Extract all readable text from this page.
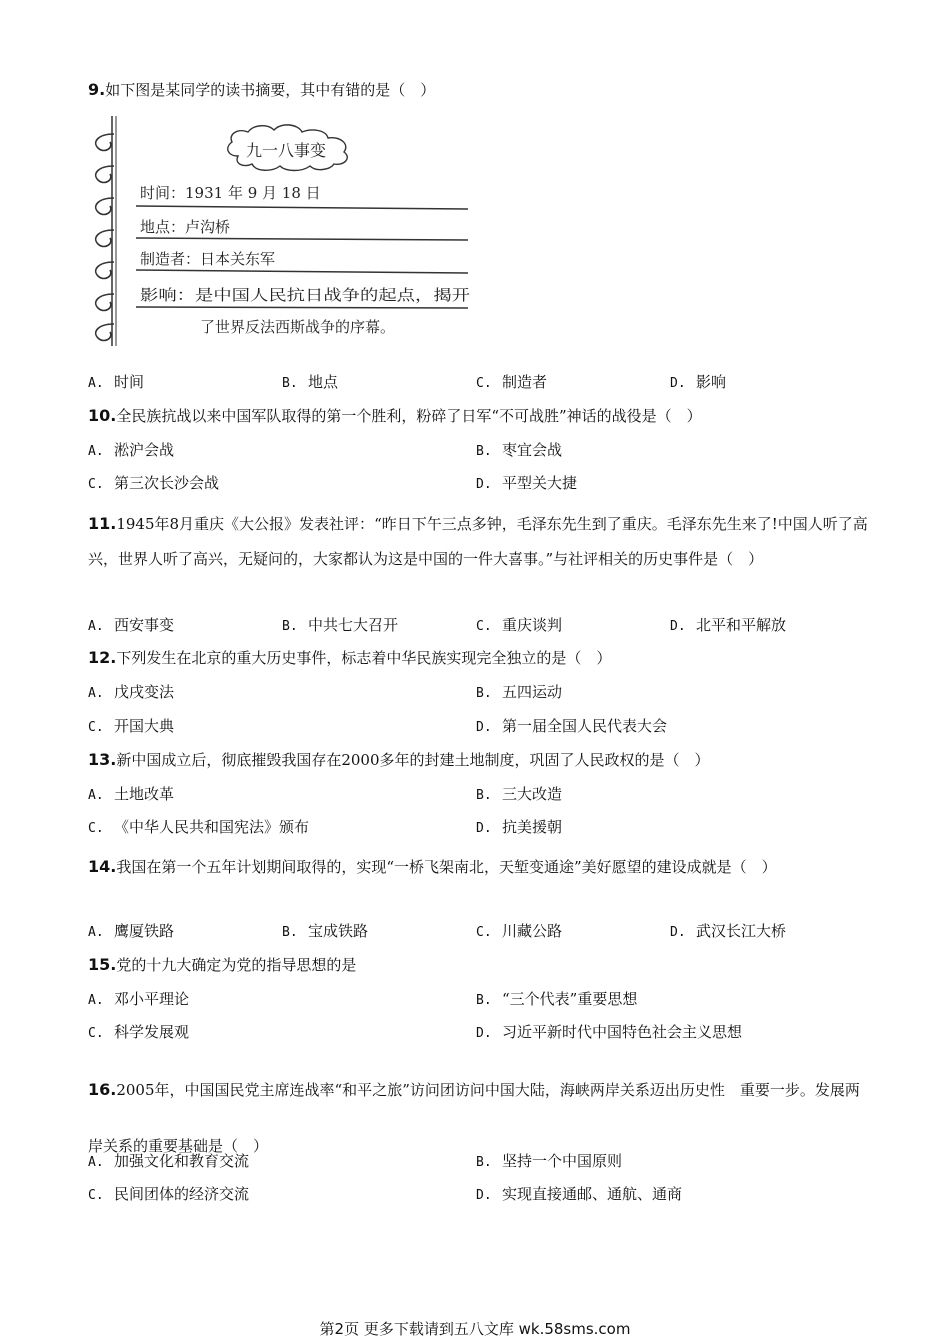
9.如下图是某同学的读书摘要，其中有错的是（　）
九一八事变
时间：1931 年 9 月 18 日
地点：卢沟桥
制造者：日本关东军
影响：是中国人民抗日战争的起点，揭开
了世界反法西斯战争的序幕。
A. 时间	B. 地点	C. 制造者	D. 影响
10.全民族抗战以来中国军队取得的第一个胜利，粉碎了日军“不可战胜”神话的战役是（　）
A. 淞沪会战	B. 枣宜会战
C. 第三次长沙会战	D. 平型关大捷
11.1945年8月重庆《大公报》发表社评：“昨日下午三点多钟，毛泽东先生到了重庆。毛泽东先生来了!中国人听了高兴，世界人听了高兴，无疑问的，大家都认为这是中国的一件大喜事。”与社评相关的历史事件是（　）
A. 西安事变	B. 中共七大召开	C. 重庆谈判	D. 北平和平解放
12.下列发生在北京的重大历史事件，标志着中华民族实现完全独立的是（　）
A. 戊戌变法	B. 五四运动
C. 开国大典	D. 第一届全国人民代表大会
13.新中国成立后，彻底摧毁我国存在2000多年的封建土地制度，巩固了人民政权的是（　）
A. 土地改革	B. 三大改造
C. 《中华人民共和国宪法》颁布	D. 抗美援朝
14.我国在第一个五年计划期间取得的，实现“一桥飞架南北，天堑变通途”美好愿望的建设成就是（　）
A. 鹰厦铁路	B. 宝成铁路	C. 川藏公路	D. 武汉长江大桥
15.党的十九大确定为党的指导思想的是
A. 邓小平理论	B. “三个代表”重要思想
C. 科学发展观	D. 习近平新时代中国特色社会主义思想
16.2005年，中国国民党主席连战率“和平之旅”访问团访问中国大陆，海峡两岸关系迈出历史性　重要一步。发展两岸关系的重要基础是（　）
A. 加强文化和教育交流	B. 坚持一个中国原则
C. 民间团体的经济交流	D. 实现直接通邮、通航、通商
第2页 更多下载请到五八文库 wk.58sms.com
